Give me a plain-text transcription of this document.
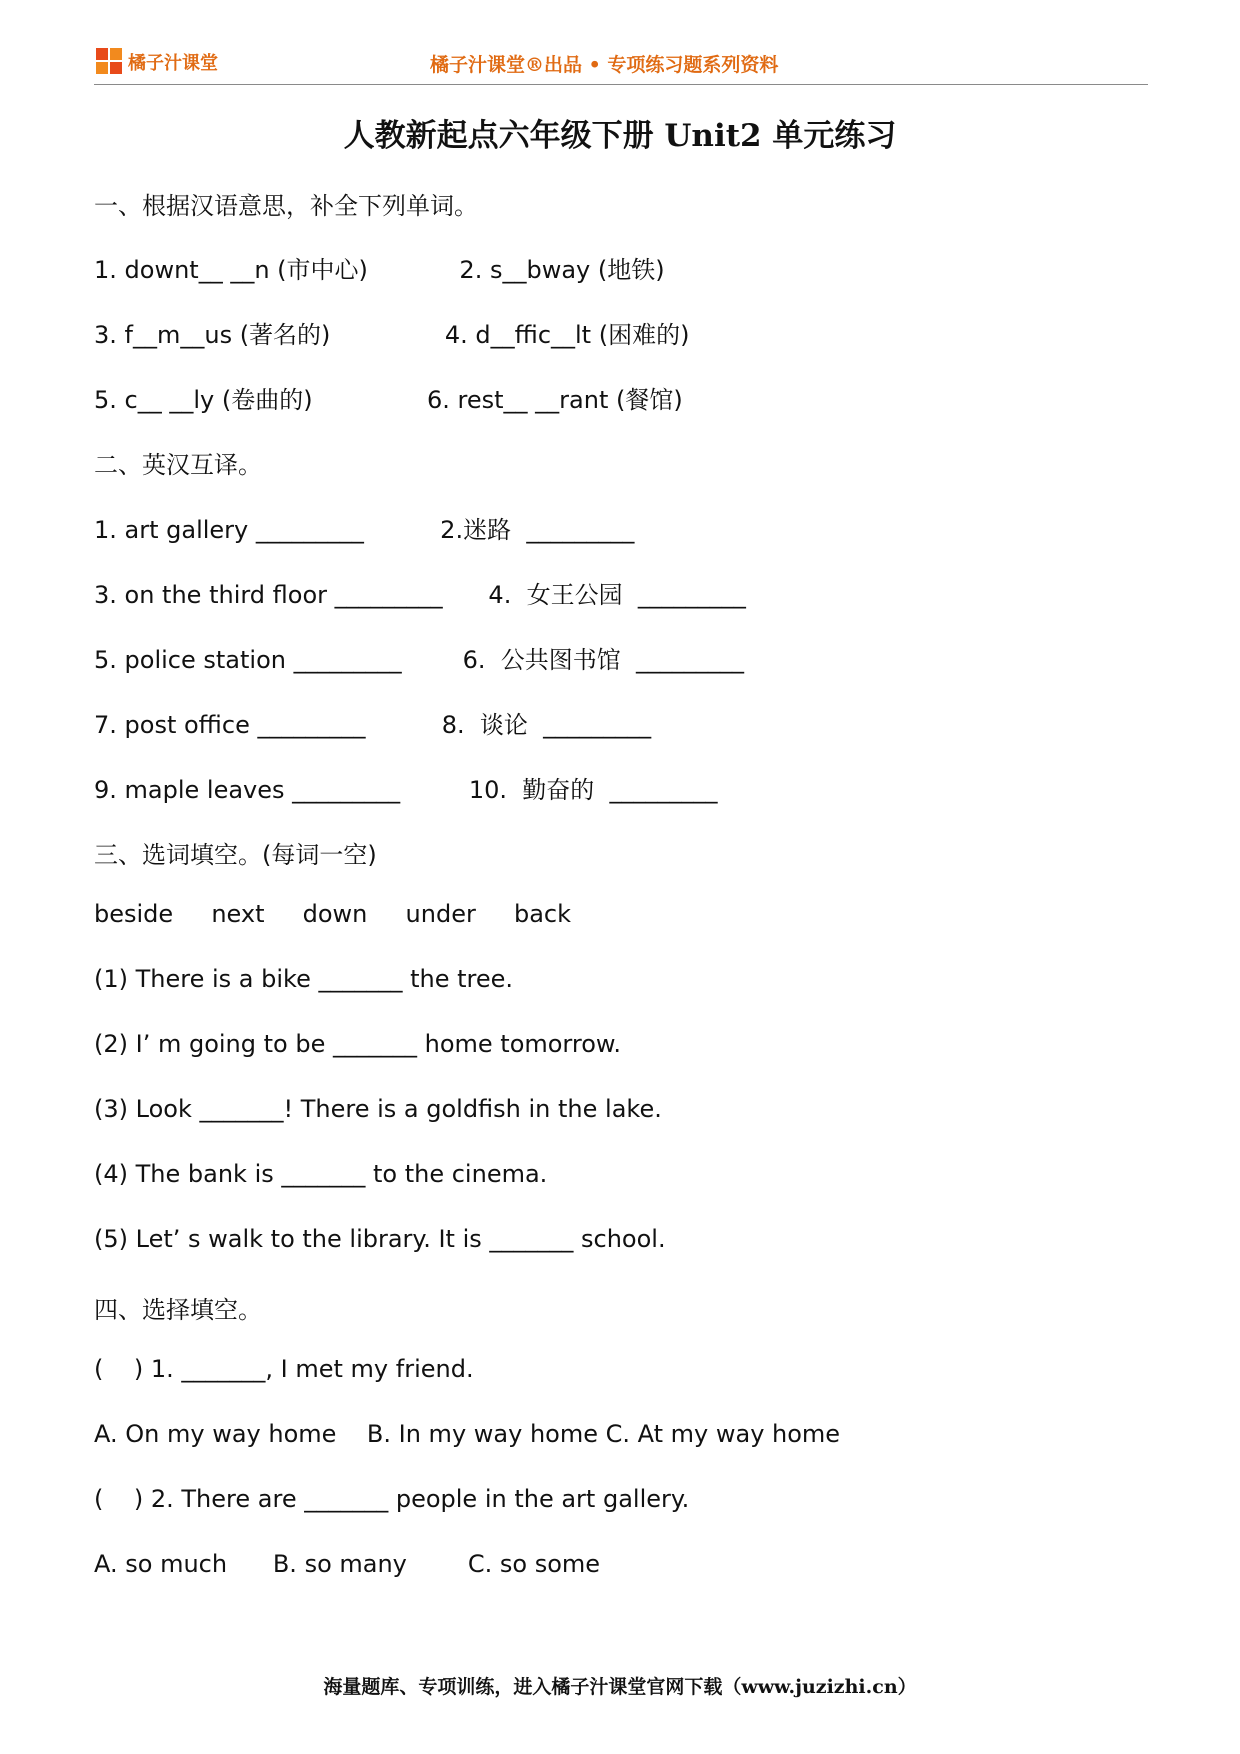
橘子汁课堂	橘子汁课堂®出品 • 专项练习题系列资料
人教新起点六年级下册 Unit2 单元练习
一、根据汉语意思，补全下列单词。
1. downt__ __n (市中心)            2. s__bway (地铁)
3. f__m__us (著名的)               4. d__ffic__lt (困难的)
5. c__ __ly (卷曲的)               6. rest__ __rant (餐馆)
二、英汉互译。
1. art gallery _________          2.迷路  _________
3. on the third floor _________      4.  女王公园  _________
5. police station _________        6.  公共图书馆  _________
7. post office _________          8.  谈论  _________
9. maple leaves _________         10.  勤奋的  _________
三、选词填空。(每词一空)
beside     next     down     under     back
(1) There is a bike _______ the tree.
(2) I’ m going to be _______ home tomorrow.
(3) Look _______! There is a goldfish in the lake.
(4) The bank is _______ to the cinema.
(5) Let’ s walk to the library. It is _______ school.
四、选择填空。
(    ) 1. _______, I met my friend.
A. On my way home    B. In my way home C. At my way home
(    ) 2. There are _______ people in the art gallery.
A. so much      B. so many        C. so some
海量题库、专项训练，进入橘子汁课堂官网下载（www.juzizhi.cn）
